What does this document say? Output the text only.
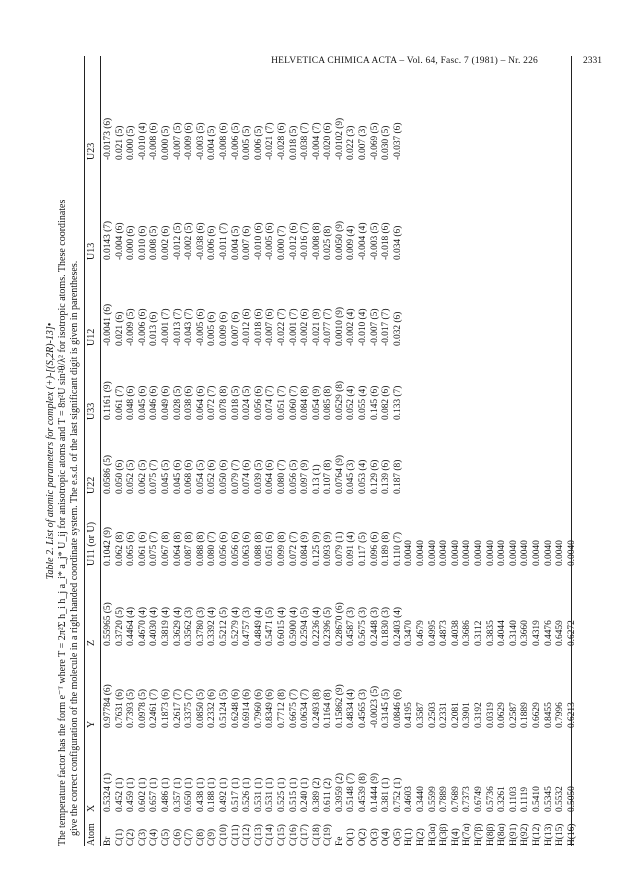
HELVETICA CHIMICA ACTA – Vol. 64, Fasc. 7 (1981) – Nr. 226	2331
Table 2. List of atomic parameters for complex (+)-[(S,2R)-13]• The temperature factor has the form e⁻ᵀ where T = 2π²Σ h_i h_j a_i* a_j* U_ij for anisotropic atoms and T = 8π²U sin²θ/λ² for isotropic atoms. These coordinates give the correct configuration of the molecule in a right handed coordinate system. The e.s.d. of the last significant digit is given in parentheses. Atom
X
Y
Z
U11 (or U)
U22
U33
U12
U13
U23
Br
0.5324 (1)
0.97784 (6)
0.55965 (5)
0.1042 (9)
0.0586 (5)
0.1161 (9)
-0.0041 (6)
0.0143 (7)
-0.0173 (6)
C(1)
0.452 (1)
0.7631 (6)
0.3720 (5)
0.062 (8)
0.050 (6)
0.061 (7)
0.021 (6)
-0.004 (6)
0.021 (5)
C(2)
0.459 (1)
0.7393 (5)
0.4464 (4)
0.065 (6)
0.052 (5)
0.048 (6)
-0.009 (5)
0.000 (6)
0.000 (5)
C(3)
0.602 (1)
0.0978 (5)
0.4670 (4)
0.061 (6)
0.062 (5)
0.045 (6)
-0.006 (6)
0.010 (6)
-0.010 (4)
C(4)
0.657 (1)
0.2461 (7)
0.4030 (4)
0.075 (7)
0.075 (7)
0.046 (6)
0.013 (6)
0.008 (5)
-0.008 (6)
C(5)
0.486 (1)
0.1873 (6)
0.3819 (4)
0.067 (8)
0.045 (5)
0.049 (6)
-0.001 (7)
0.002 (6)
0.000 (5)
C(6)
0.357 (1)
0.2617 (7)
0.3629 (4)
0.064 (8)
0.045 (6)
0.028 (5)
-0.013 (7)
-0.012 (5)
-0.007 (5)
C(7)
0.650 (1)
0.3375 (7)
0.3562 (3)
0.087 (8)
0.068 (6)
0.038 (6)
-0.043 (7)
-0.002 (5)
-0.009 (6)
C(8)
0.438 (1)
0.0850 (5)
0.3780 (3)
0.088 (8)
0.054 (5)
0.064 (6)
-0.005 (6)
-0.038 (6)
-0.003 (5)
C(9)
0.188 (1)
0.2332 (6)
0.3392 (4)
0.080 (7)
0.052 (6)
0.072 (7)
0.005 (6)
0.006 (6)
0.004 (5)
C(10)
0.492 (1)
0.5124 (5)
0.5212 (5)
0.056 (6)
0.050 (6)
0.078 (8)
0.009 (6)
-0.011 (7)
-0.008 (6)
C(11)
0.517 (1)
0.6248 (6)
0.5279 (4)
0.056 (6)
0.079 (7)
0.018 (5)
0.007 (6)
0.004 (5)
-0.006 (5)
C(12)
0.526 (1)
0.6914 (6)
0.4757 (3)
0.063 (6)
0.074 (6)
0.024 (5)
-0.012 (6)
0.007 (6)
0.005 (5)
C(13)
0.531 (1)
0.7960 (6)
0.4849 (4)
0.088 (8)
0.039 (5)
0.056 (6)
-0.018 (6)
-0.010 (6)
0.006 (5)
C(14)
0.531 (1)
0.8349 (6)
0.5471 (5)
0.051 (6)
0.064 (6)
0.074 (7)
-0.007 (6)
-0.005 (6)
-0.021 (7)
C(15)
0.525 (1)
0.7712 (8)
0.6015 (4)
0.099 (8)
0.080 (7)
0.051 (7)
-0.022 (7)
0.000 (7)
-0.028 (6)
C(16)
0.515 (1)
0.6675 (7)
0.5900 (4)
0.072 (7)
0.056 (5)
0.060 (7)
-0.001 (7)
-0.012 (6)
0.018 (5)
C(17)
0.240 (1)
0.0634 (7)
0.2594 (5)
0.084 (9)
0.097 (9)
0.084 (8)
-0.002 (6)
-0.016 (7)
-0.038 (7)
C(18)
0.389 (2)
0.2493 (8)
0.2236 (4)
0.125 (9)
0.13 (1)
0.054 (9)
-0.021 (9)
-0.008 (8)
-0.004 (7)
C(19)
0.611 (2)
0.1164 (8)
0.2396 (5)
0.093 (9)
0.107 (8)
0.085 (8)
-0.077 (7)
0.025 (8)
-0.020 (6)
Fe
0.3959 (2)
0.15862 (9)
0.28670 (6)
0.079 (1)
0.0764 (9)
0.0529 (8)
0.0010 (9)
0.0050 (9)
-0.0102 (9)
O(1)
0.5148 (7)
0.4834 (4)
0.4587 (3)
0.091 (4)
0.045 (3)
0.052 (4)
-0.002 (4)
0.009 (4)
0.022 (3)
O(2)
0.4539 (8)
0.4565 (3)
0.5675 (3)
0.117 (5)
0.053 (4)
0.055 (4)
-0.010 (4)
-0.004 (4)
0.007 (3)
O(3)
0.1444 (9)
-0.0023 (5)
0.2448 (3)
0.096 (6)
0.129 (6)
0.145 (6)
-0.007 (5)
-0.003 (5)
-0.069 (5)
O(4)
0.381 (1)
0.3145 (5)
0.1830 (3)
0.189 (8)
0.139 (6)
0.082 (6)
-0.017 (7)
-0.018 (6)
0.030 (5)
O(5)
0.752 (1)
0.0846 (6)
0.2403 (4)
0.110 (7)
0.187 (8)
0.133 (7)
0.032 (6)
0.034 (6)
-0.037 (6)
H(1)
0.4603
0.4195
0.3470
0.0040
H(2)
0.3440
0.3587
0.4679
0.0040
H(3α)
0.5599
0.2503
0.4995
0.0040
H(3β)
0.7889
0.2331
0.4873
0.0040
H(4)
0.7689
0.2081
0.4038
0.0040
H(7α)
0.7373
0.3901
0.3686
0.0040
H(7β)
0.6749
0.3192
0.3112
0.0040
H(8β)
0.5736
0.0319
0.3835
0.0040
H(8α)
0.3261
0.0629
0.4044
0.0040
H(91)
0.1103
0.2587
0.3140
0.0040
H(92)
0.1119
0.1889
0.3660
0.0040
H(12)
0.5410
0.6629
0.4319
0.0040
H(13)
0.5345
0.8455
0.4476
0.0040
H(15)
0.5532
0.7996
0.6459
0.0040
H(16)
0.5050
0.6213
0.6272
0.0040
